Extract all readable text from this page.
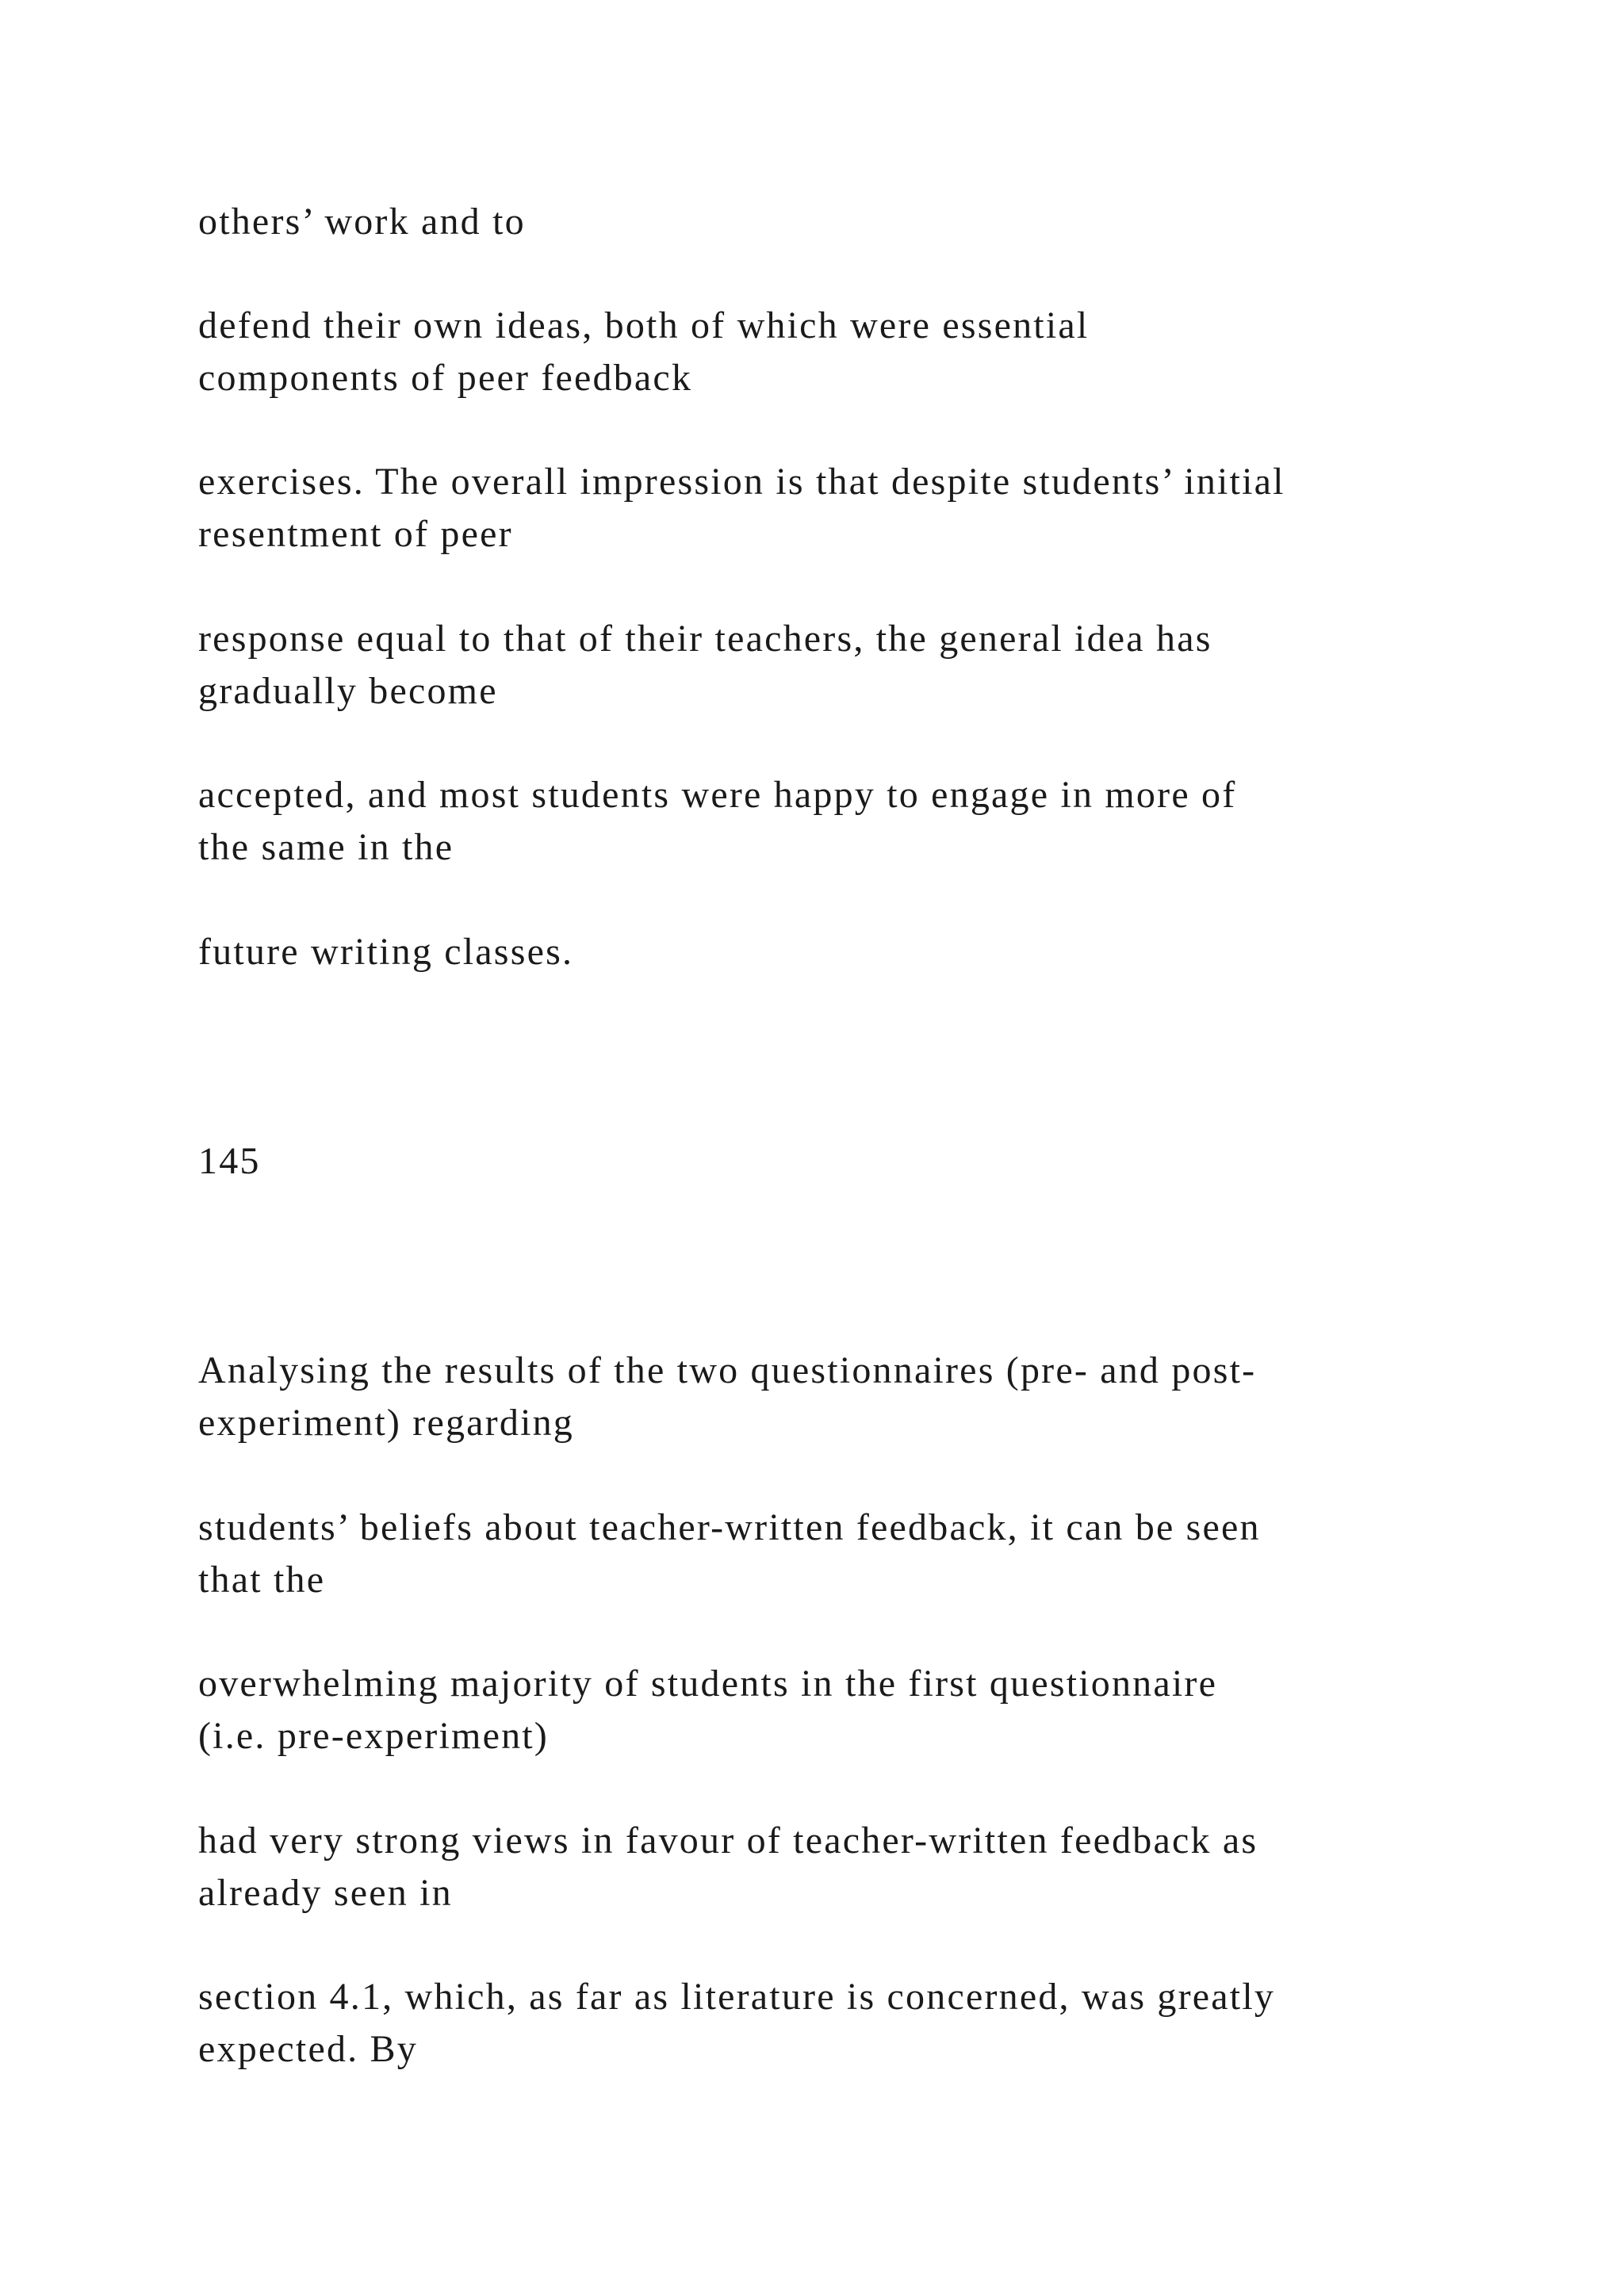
others’ work and to

defend their own ideas, both of which were essential
components of peer feedback

exercises. The overall impression is that despite students’ initial
resentment of peer

response equal to that of their teachers, the general idea has
gradually become

accepted, and most students were happy to engage in more of
the same in the

future writing classes.

145

Analysing the results of the two questionnaires (pre- and post-
experiment) regarding

students’ beliefs about teacher-written feedback, it can be seen
that the

overwhelming majority of students in the first questionnaire
(i.e. pre-experiment)

had very strong views in favour of teacher-written feedback as
already seen in

section 4.1, which, as far as literature is concerned, was greatly
expected. By
